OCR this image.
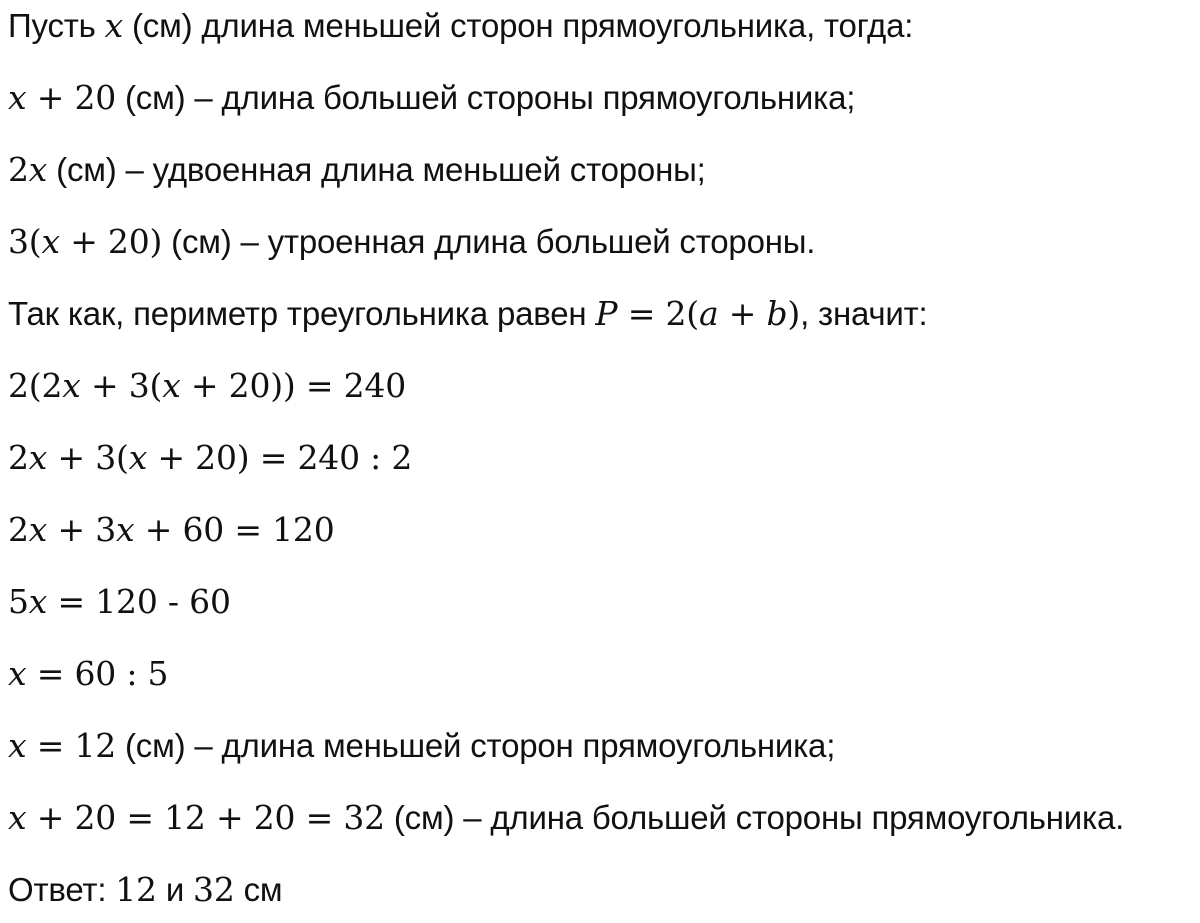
Пусть x (см) длина меньшей сторон прямоугольника, тогда:
x + 20 (см) – длина большей стороны прямоугольника;
2x (см) – удвоенная длина меньшей стороны;
3(x + 20) (см) – утроенная длина большей стороны.
Так как, периметр треугольника равен P = 2(a + b), значит:
2(2x + 3(x + 20)) = 240
2x + 3(x + 20) = 240 : 2
2x + 3x + 60 = 120
5x = 120 - 60
x = 60 : 5
x = 12 (см) – длина меньшей сторон прямоугольника;
x + 20 = 12 + 20 = 32 (см) – длина большей стороны прямоугольника.
Ответ: 12 и 32 см
